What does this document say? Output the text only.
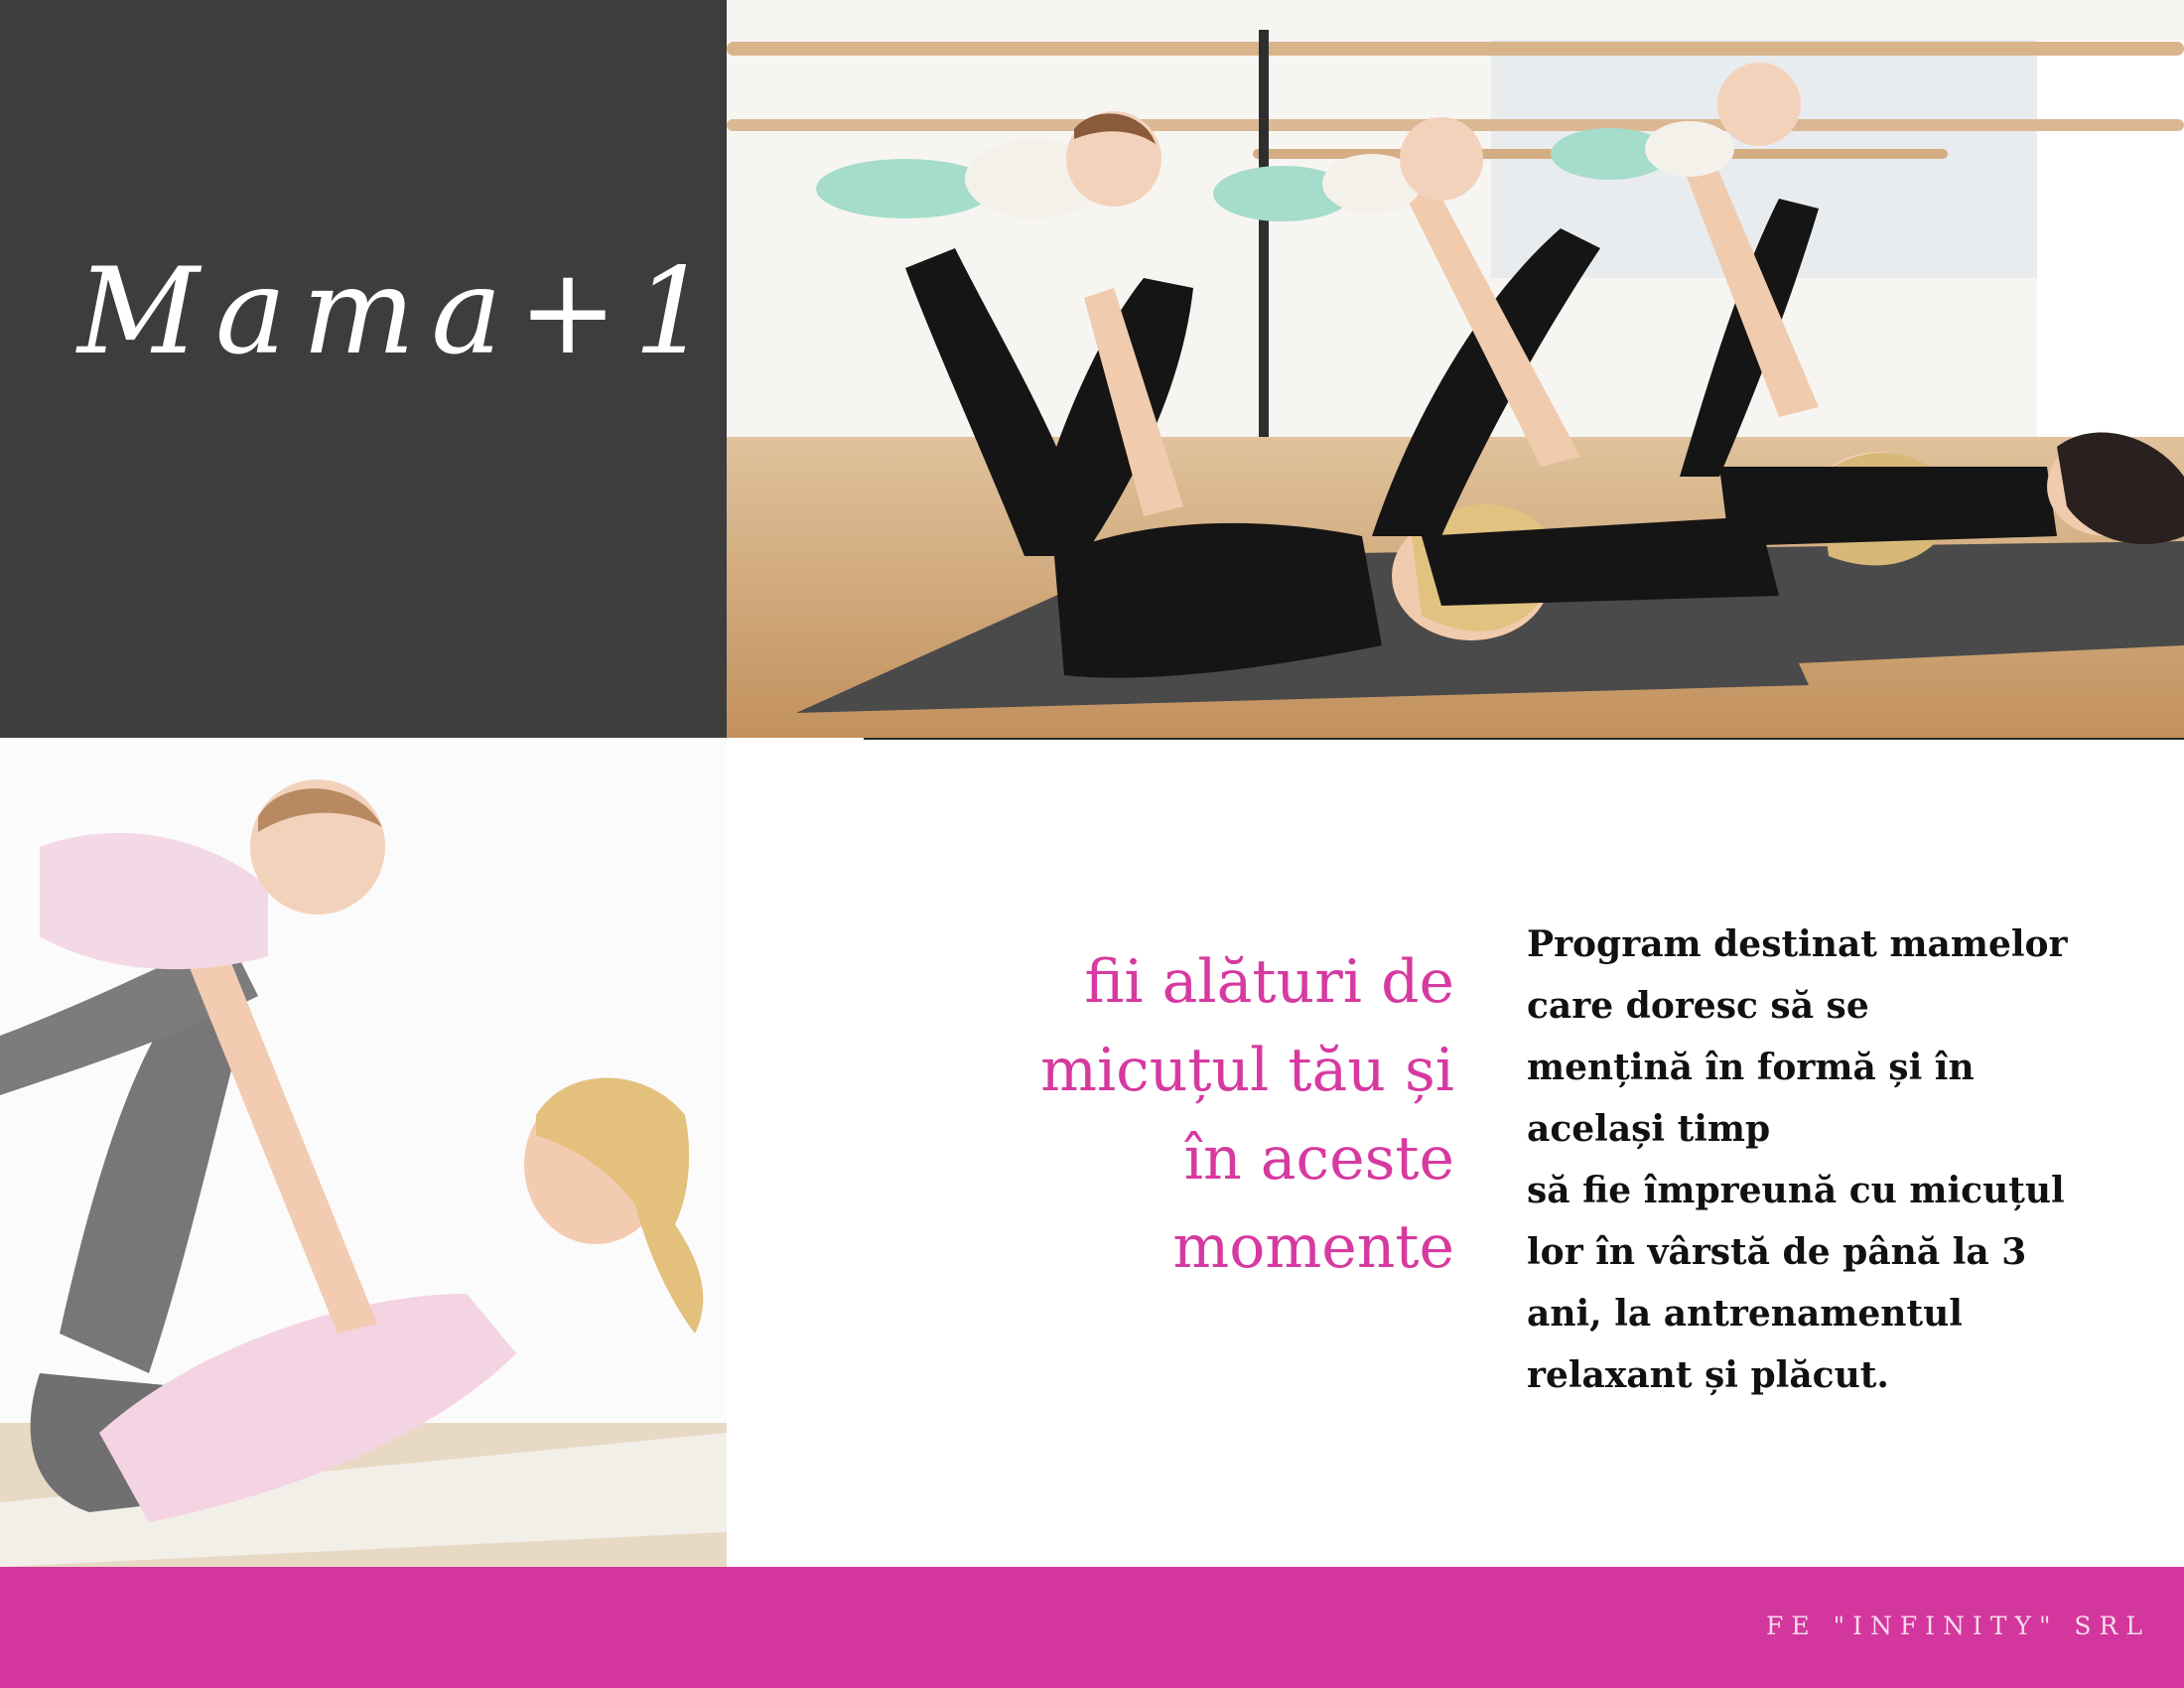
Mama+1
fii alături de
micuțul tău și
în aceste
momente
Program destinat mamelor
care doresc să se
mențină în formă și în
același timp
să fie împreună cu micuțul
lor în vârstă de până la 3
ani, la antrenamentul
relaxant și plăcut.
FE "INFINITY" SRL
